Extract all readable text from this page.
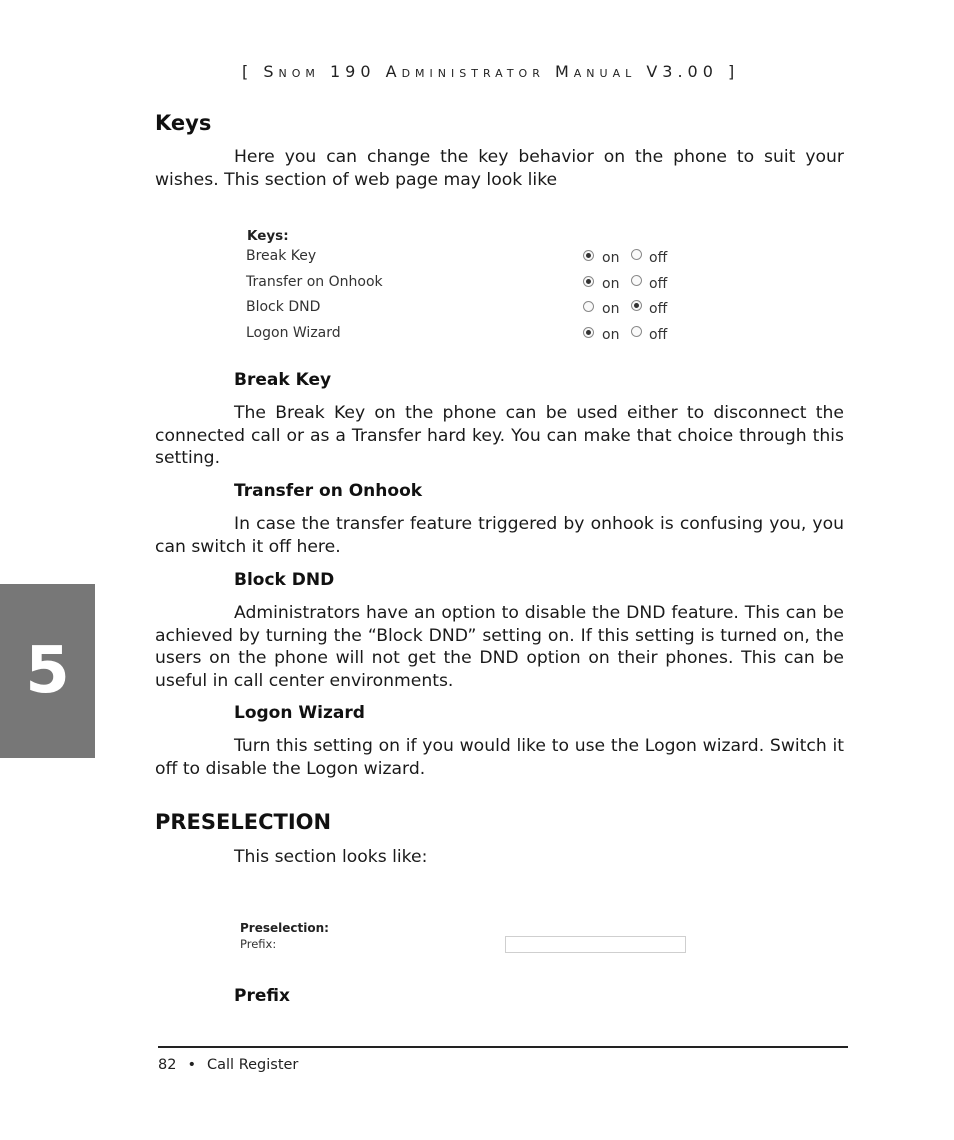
[ SNOM 190 ADMINISTRATOR MANUAL V3.00 ]
Keys

Here you can change the key behavior on the phone to suit your wishes. This section of web page may look like

Keys:
Break Key	on off
Transfer on Onhook	on off
Block DND	on off
Logon Wizard	on off
Break Key

The Break Key on the phone can be used either to disconnect the connected call or as a Transfer hard key. You can make that choice through this setting.

Transfer on Onhook

In case the transfer feature triggered by onhook is confusing you, you can switch it off here.

Block DND

Administrators have an option to disable the DND feature. This can be achieved by turning the “Block DND” setting on. If this setting is turned on, the users on the phone will not get the DND option on their phones. This can be useful in call center environments.

Logon Wizard

Turn this setting on if you would like to use the Logon wizard. Switch it off to disable the Logon wizard.

PRESELECTION

This section looks like:

Preselection:
Prefix:
Prefix
5
82 • Call Register
